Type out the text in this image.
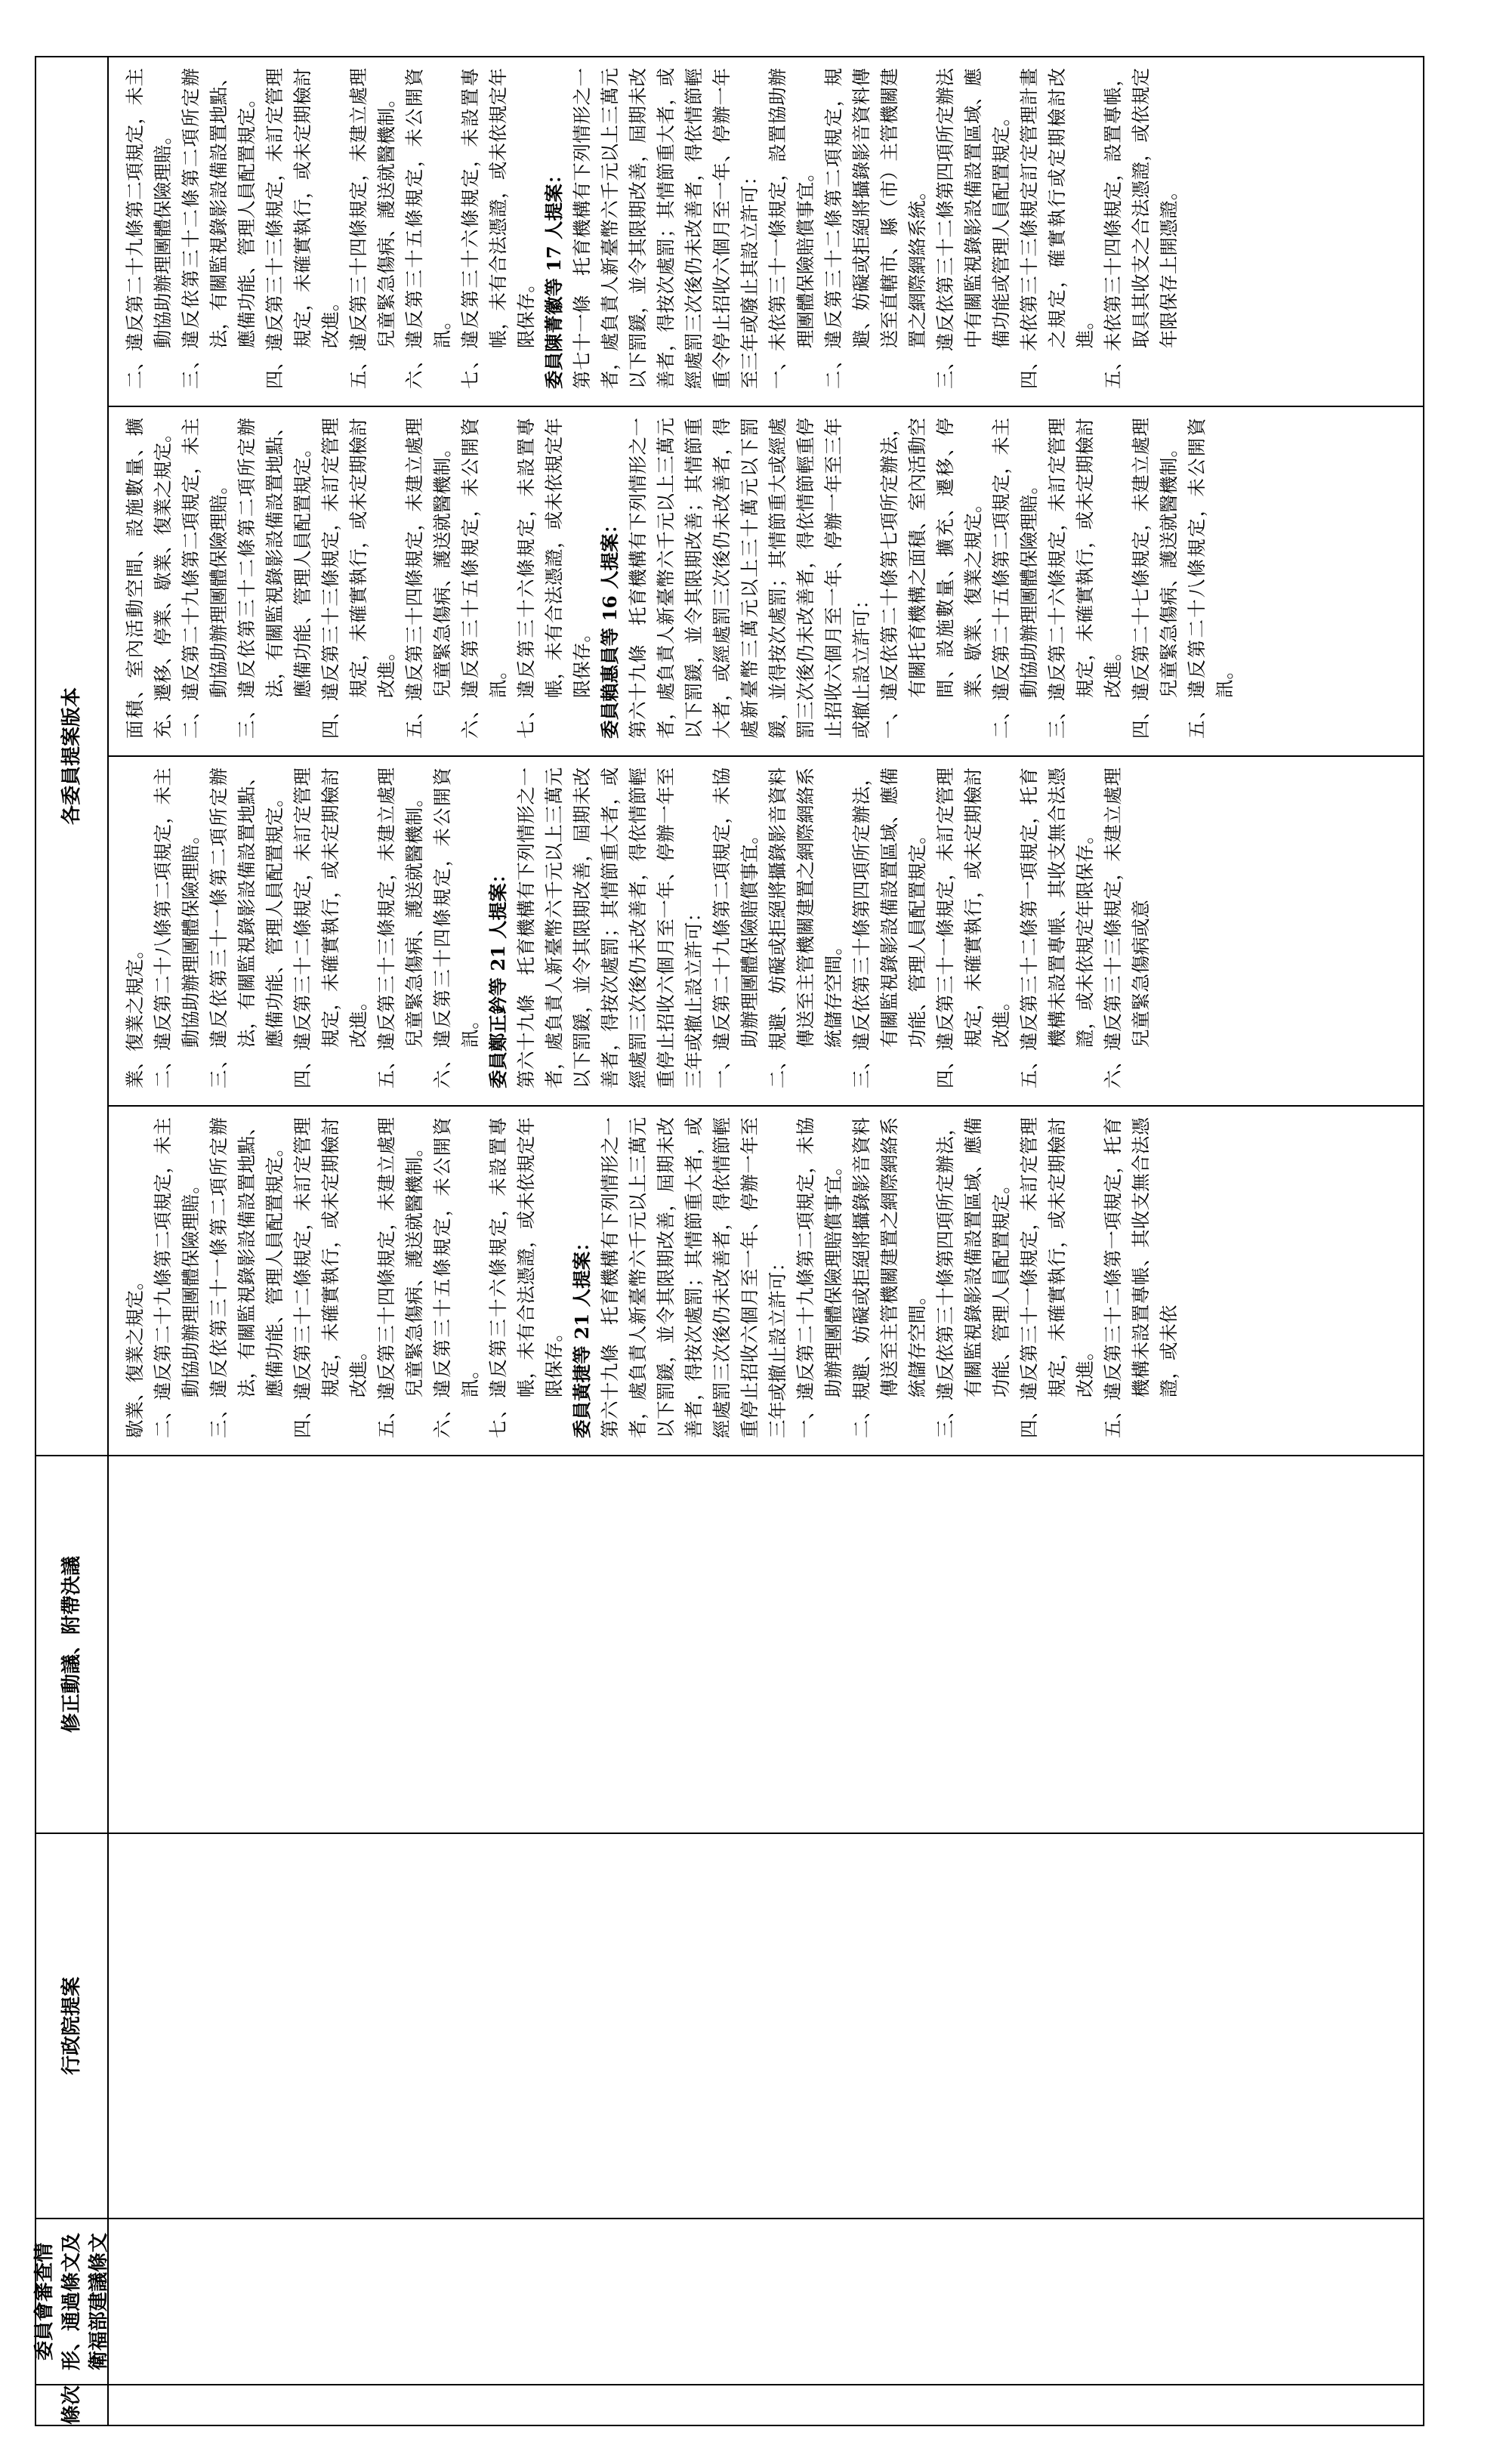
條次
委員會審查情形、通過條文及衛福部建議條文
行政院提案
修正動議、附帶決議
各委員提案版本

歇業、復業之規定。 二、違反第二十九條第二項規定，未主動協助辦理團體保險理賠。 三、違反依第三十一條第二項所定辦法，有關監視錄影設備設置地點、應備功能、管理人員配置規定。 四、違反第三十二條規定，未訂定管理規定，未確實執行，或未定期檢討改進。 五、違反第三十四條規定，未建立處理兒童緊急傷病、護送就醫機制。 六、違反第三十五條規定，未公開資訊。 七、違反第三十六條規定，未設置專帳，未有合法憑證，或未依規定年限保存。 委員黃捷等 21 人提案： 第六十九條　托育機構有下列情形之一者，處負責人新臺幣六千元以上三萬元以下罰鍰，並令其限期改善，屆期未改善者，得按次處罰；其情節重大者，或經處罰三次後仍未改善者，得依情節輕重停止招收六個月至一年、停辦一年至三年或撤止設立許可： 一、違反第二十九條第二項規定，未協助辦理團體保險理賠償事宜。 二、規避、妨礙或拒絕將攝錄影音資料傳送至主管機關建置之網際網絡系統儲存空間。 三、違反依第三十條第四項所定辦法，有關監視錄影設備設置區域、應備功能、管理人員配置規定。 四、違反第三十一條規定，未訂定管理規定，未確實執行，或未定期檢討改進。 五、違反第三十二條第一項規定，托育機構未設置專帳、其收支無合法憑證，或未依

業、復業之規定。 二、違反第二十八條第二項規定，未主動協助辦理團體保險理賠。 三、違反依第三十一條第二項所定辦法，有關監視錄影設備設置地點、應備功能、管理人員配置規定。 四、違反第三十二條規定，未訂定管理規定，未確實執行，或未定期檢討改進。 五、違反第三十三條規定，未建立處理兒童緊急傷病、護送就醫機制。 六、違反第三十四條規定，未公開資訊。 委員鄭正鈐等 21 人提案： 第六十九條　托育機構有下列情形之一者，處負責人新臺幣六千元以上三萬元以下罰鍰，並令其限期改善，屆期未改善者，得按次處罰；其情節重大者，或經處罰三次後仍未改善者，得依情節輕重停止招收六個月至一年、停辦一年至三年或撤止設立許可： 一、違反第二十九條第二項規定，未協助辦理團體保險賠償事宜。 二、規避、妨礙或拒絕將攝錄影音資料傳送至主管機關建置之網際網絡系統儲存空間。 三、違反依第三十條第四項所定辦法，有關監視錄影設備設置區域、應備功能、管理人員配置規定。 四、違反第三十一條規定，未訂定管理規定，未確實執行，或未定期檢討改進。 五、違反第三十二條第一項規定，托育機構未設置專帳、其收支無合法憑證，或未依規定年限保存。 六、違反第三十三條規定，未建立處理兒童緊急傷病或意

面積、室內活動空間、設施數量、擴充、遷移、停業、歇業、復業之規定。 二、違反第二十九條第二項規定，未主動協助辦理團體保險理賠。 三、違反依第三十二條第二項所定辦法，有關監視錄影設備設置地點、應備功能、管理人員配置規定。 四、違反第三十三條規定，未訂定管理規定，未確實執行，或未定期檢討改進。 五、違反第三十四條規定，未建立處理兒童緊急傷病、護送就醫機制。 六、違反第三十五條規定，未公開資訊。 七、違反第三十六條規定，未設置專帳，未有合法憑證，或未依規定年限保存。 委員賴惠員等 16 人提案： 第六十九條　托育機構有下列情形之一者，處負責人新臺幣六千元以上三萬元以下罰鍰，並令其限期改善；其情節重大者，或經處罰三次後仍未改善者，得處新臺幣三萬元以上三十萬元以下罰鍰，並得按次處罰；其情節重大或經處罰三次後仍未改善者，得依情節輕重停止招收六個月至一年、停辦一年至三年或撤止設立許可： 一、違反依第二十條第七項所定辦法，有關托育機構之面積、室內活動空間、設施數量、擴充、遷移、停業、歇業、復業之規定。 二、違反第二十五條第二項規定，未主動協助辦理團體保險理賠。 三、違反第二十六條規定，未訂定管理規定，未確實執行，或未定期檢討改進。 四、違反第二十七條規定，未建立處理兒童緊急傷病、護送就醫機制。 五、違反第二十八條規定，未公開資訊。

二、違反第二十九條第二項規定，未主動協助辦理團體保險理賠。 三、違反依第三十二條第二項所定辦法，有關監視錄影設備設置地點、應備功能、管理人員配置規定。 四、違反第三十三條規定，未訂定管理規定，未確實執行，或未定期檢討改進。 五、違反第三十四條規定，未建立處理兒童緊急傷病、護送就醫機制。 六、違反第三十五條規定，未公開資訊。 七、違反第三十六條規定，未設置專帳，未有合法憑證，或未依規定年限保存。 委員陳菁徽等 17 人提案： 第七十一條　托育機構有下列情形之一者，處負責人新臺幣六千元以上三萬元以下罰鍰，並令其限期改善，屆期未改善者，得按次處罰；其情節重大者，或經處罰三次後仍未改善者，得依情節輕重令停止招收六個月至一年、停辦一年至三年或廢止其設立許可： 一、未依第三十一條規定，設置協助辦理團體保險賠償事宜。 二、違反第三十二條第二項規定，規避、妨礙或拒絕將攝錄影音資料傳送至直轄市、縣（市）主管機關建置之網際網絡系統。 三、違反依第三十二條第四項所定辦法中有關監視錄影設備設置區域、應備功能或管理人員配置規定。 四、未依第三十三條規定訂定管理計畫之規定，確實執行或定期檢討改進。 五、未依第三十四條規定，設置專帳，取具其收支之合法憑證，或依規定年限保存上開憑證。
